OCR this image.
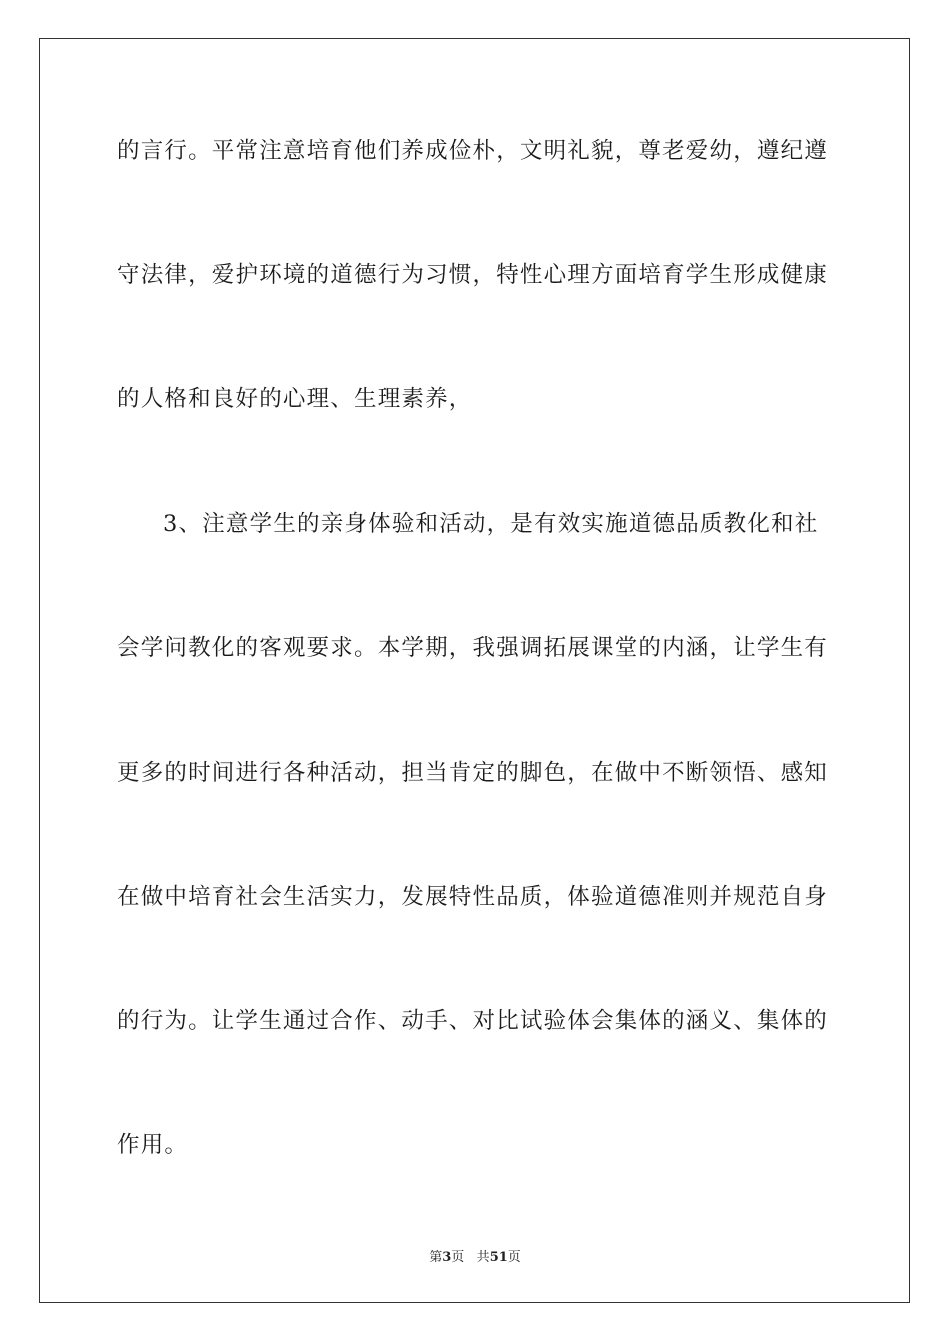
的言行。平常注意培育他们养成俭朴，文明礼貌，尊老爱幼，遵纪遵
守法律，爱护环境的道德行为习惯，特性心理方面培育学生形成健康
的人格和良好的心理、生理素养，
3、注意学生的亲身体验和活动，是有效实施道德品质教化和社
会学问教化的客观要求。本学期，我强调拓展课堂的内涵，让学生有
更多的时间进行各种活动，担当肯定的脚色，在做中不断领悟、感知
在做中培育社会生活实力，发展特性品质，体验道德准则并规范自身
的行为。让学生通过合作、动手、对比试验体会集体的涵义、集体的
作用。
第3页 共51页
